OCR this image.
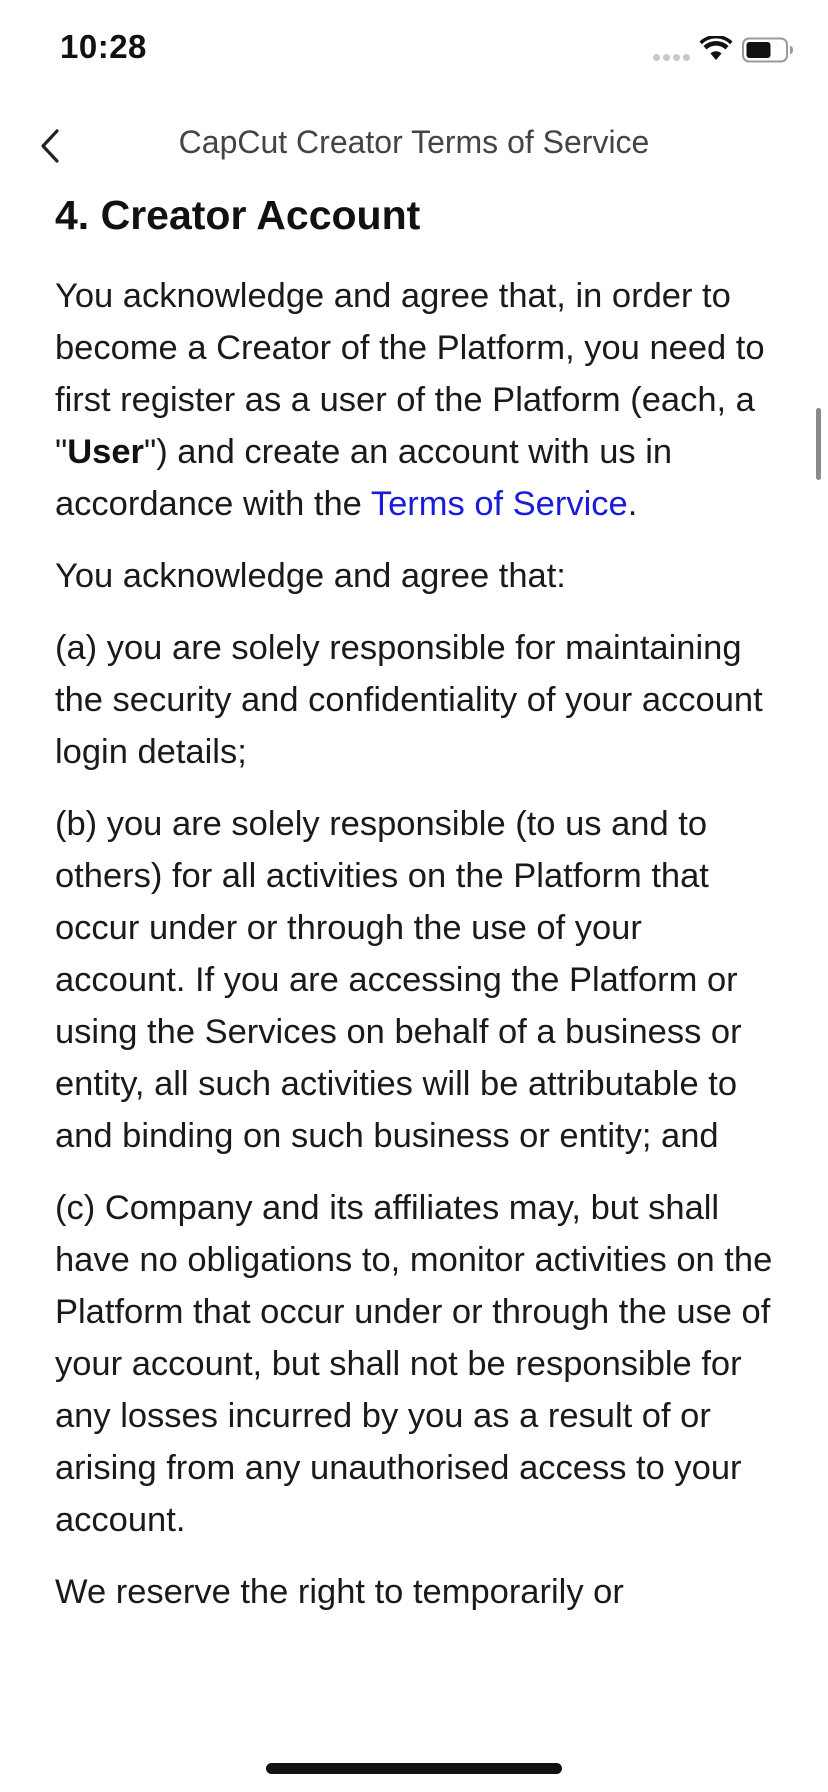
10:28
CapCut Creator Terms of Service
4. Creator Account

You acknowledge and agree that, in order to become a Creator of the Platform, you need to first register as a user of the Platform (each, a "User") and create an account with us in accordance with the Terms of Service.

You acknowledge and agree that:

(a) you are solely responsible for maintaining the security and confidentiality of your account login details;

(b) you are solely responsible (to us and to others) for all activities on the Platform that occur under or through the use of your account. If you are accessing the Platform or using the Services on behalf of a business or entity, all such activities will be attributable to and binding on such business or entity; and

(c) Company and its affiliates may, but shall have no obligations to, monitor activities on the Platform that occur under or through the use of your account, but shall not be responsible for any losses incurred by you as a result of or arising from any unauthorised access to your account.

We reserve the right to temporarily or
